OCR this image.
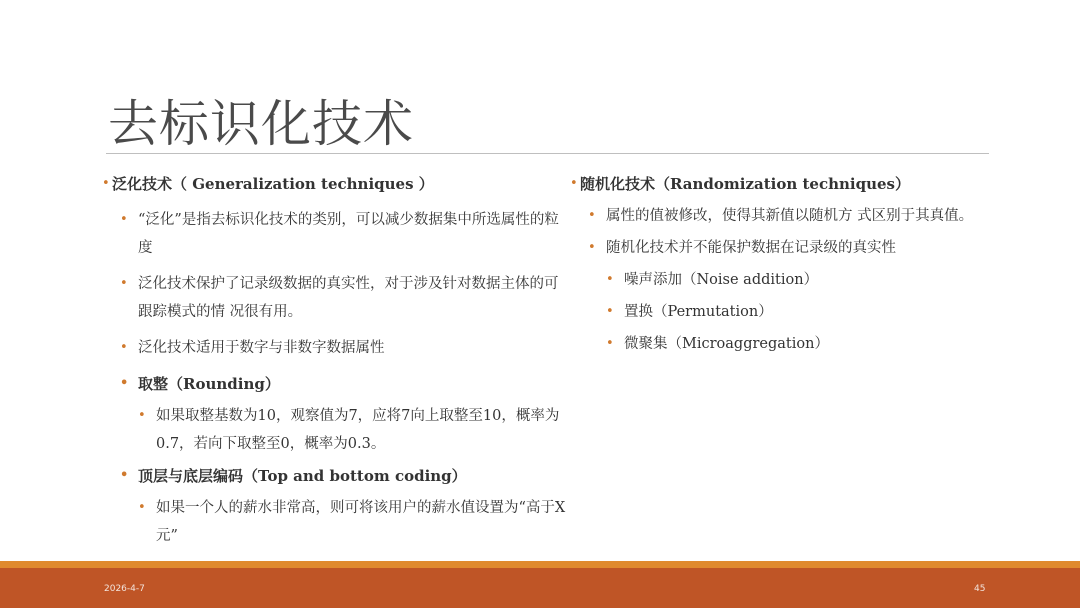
去标识化技术
• 泛化技术（ Generalization techniques ）
• “泛化”是指去标识化技术的类别，可以减少数据集中所选属性的粒度
• 泛化技术保护了记录级数据的真实性，对于涉及针对数据主体的可跟踪模式的情 况很有用。
• 泛化技术适用于数字与非数字数据属性
• 取整（Rounding）
• 如果取整基数为10，观察值为7，应将7向上取整至10，概率为0.7，若向下取整至0，概率为0.3。
• 顶层与底层编码（Top and bottom coding）
• 如果一个人的薪水非常高，则可将该用户的薪水值设置为“高于X元”
• 随机化技术（Randomization techniques）
• 属性的值被修改，使得其新值以随机方 式区别于其真值。
• 随机化技术并不能保护数据在记录级的真实性
• 噪声添加（Noise addition）
• 置换（Permutation）
• 微聚集（Microaggregation）
2026-4-7	45
